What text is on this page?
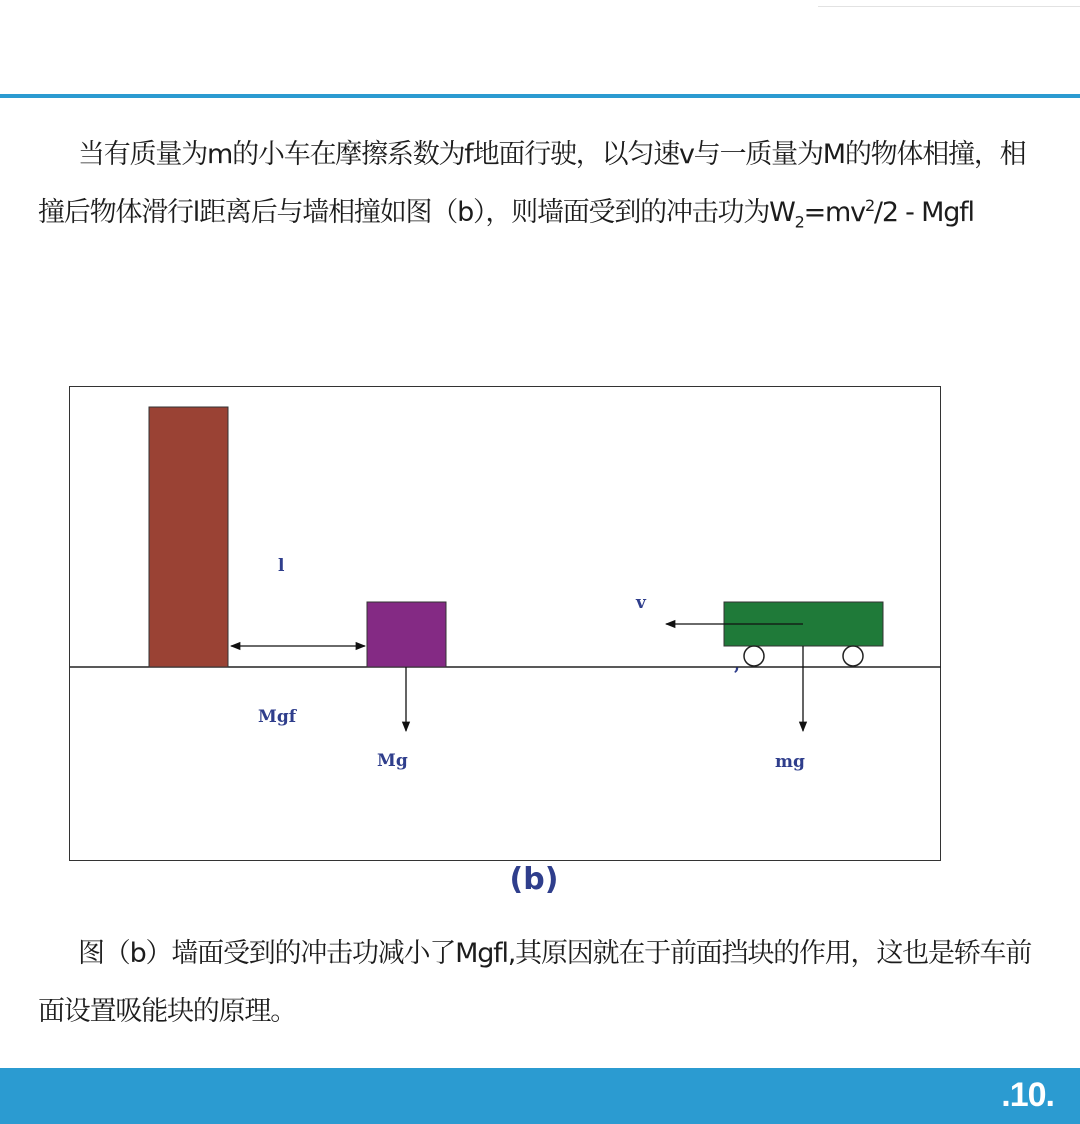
当有质量为m的小车在摩擦系数为f地面行驶，以匀速v与一质量为M的物体相撞，相撞后物体滑行l距离后与墙相撞如图（b），则墙面受到的冲击功为$W_2=mv^2/2$ - Mgfl

l
v
Mgf
Mg	mg
,
(b)

图（b）墙面受到的冲击功减小了Mgfl,其原因就在于前面挡块的作用，这也是轿车前面设置吸能块的原理。

.10.
